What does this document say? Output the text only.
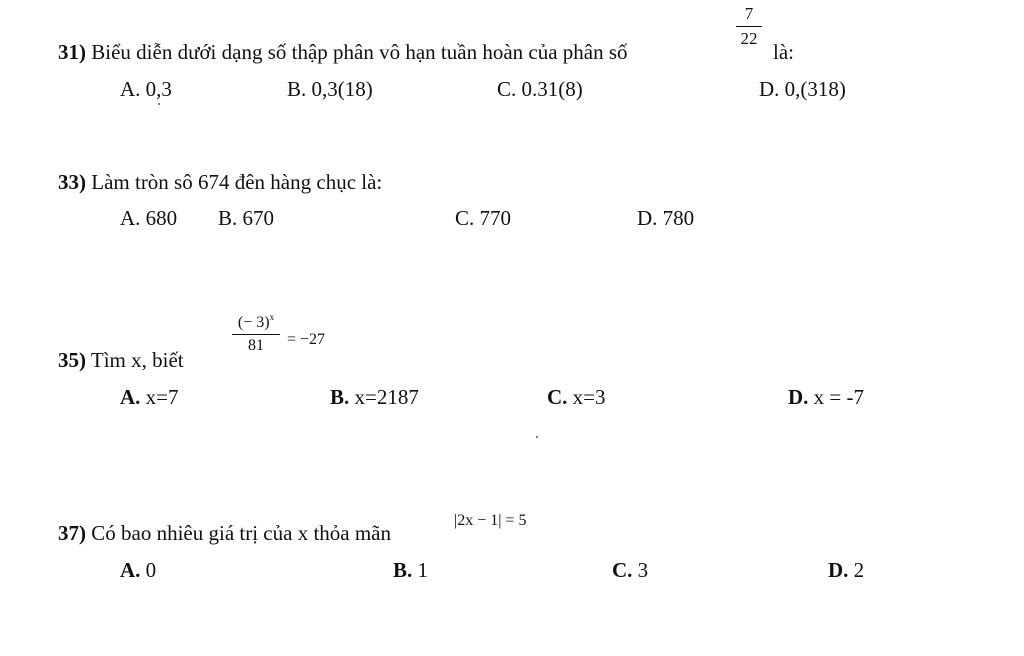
31) Biểu diễn dưới dạng số thập phân vô hạn tuần hoàn của phân số
7
22
là:
A. 0,3	B. 0,3(18)	C. 0.31(8)	D. 0,(318)
33) Làm tròn sô 674 đên hàng chục là:
A. 680 B. 670	C. 770	D. 780
35) Tìm x, biết
(− 3)$^x$
81	= −27
A. x=7	B. x=2187	C. x=3	D. x = -7
37) Có bao nhiêu giá trị của x thỏa mãn
|2x − 1| = 5
A. 0	B. 1	C. 3	D. 2
